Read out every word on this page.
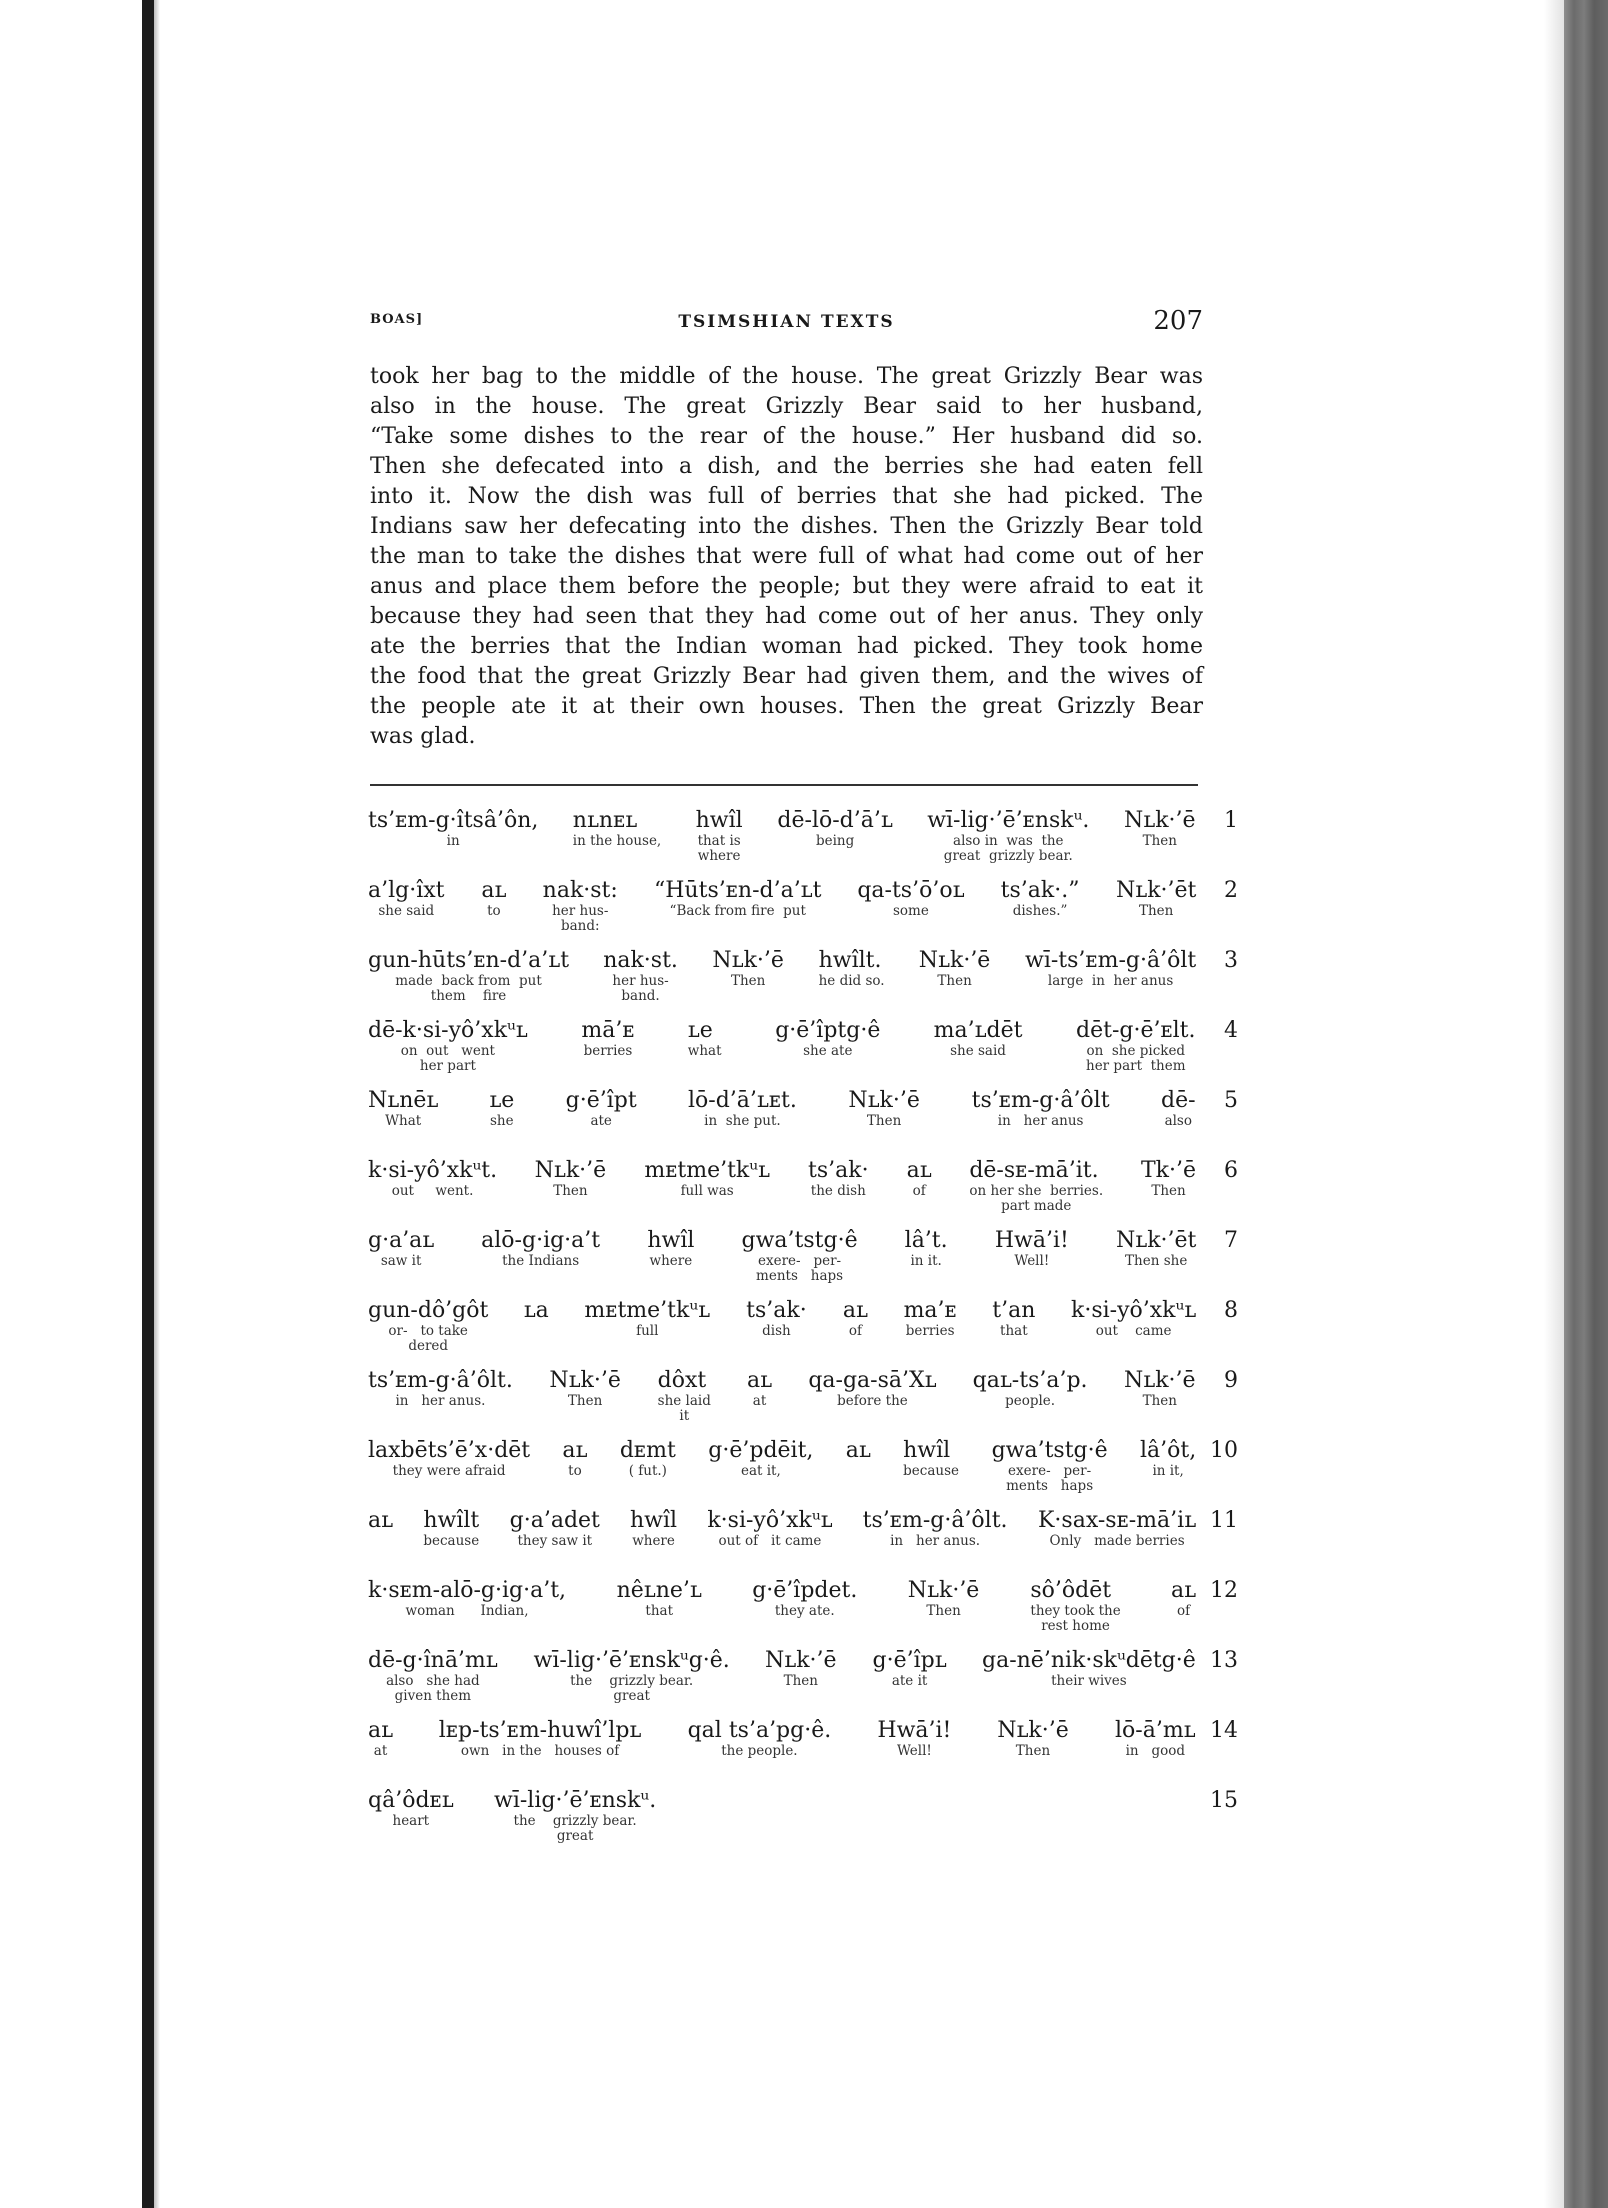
BOAS]	TSIMSHIAN TEXTS	207
took her bag to the middle of the house. The great Grizzly Bear was
also in the house. The great Grizzly Bear said to her husband,
“Take some dishes to the rear of the house.” Her husband did so.
Then she defecated into a dish, and the berries she had eaten fell
into it. Now the dish was full of berries that she had picked. The
Indians saw her defecating into the dishes. Then the Grizzly Bear told
the man to take the dishes that were full of what had come out of her
anus and place them before the people; but they were afraid to eat it
because they had seen that they had come out of her anus. They only
ate the berries that the Indian woman had picked. They took home
the food that the great Grizzly Bear had given them, and the wives of
the people ate it at their own houses. Then the great Grizzly Bear
was glad.
1
ts’ᴇm-g·îtsâ’ôn,
in
nʟnᴇʟ
in the house,
hwîl
that is
where
dē-lō-d’ā’ʟ
being
wī-lig·’ē’ᴇnskᵘ.
also in  was  the
great  grizzly bear.
Nʟk·’ē
Then
2
a’lg·îxt
she said
aʟ
to
nak·st:
her hus-
band:
“Hūts’ᴇn-d’a’ʟt
“Back from fire  put
qa-ts’ō’oʟ
some
ts’ak·.”
dishes.”
Nʟk·’ēt
Then
3
gun-hūts’ᴇn-d’a’ʟt
made  back from  put
them    fire
nak·st.
her hus-
band.
Nʟk·’ē
Then
hwîlt.
he did so.
Nʟk·’ē
Then
wī-ts’ᴇm-g·â’ôlt
large  in  her anus
4
dē-k·si-yô’xkᵘʟ
on  out   went
her part
mā’ᴇ
berries
ʟe
what
g·ē’îptg·ê
she ate
ma’ʟdēt
she said
dēt-g·ē’ᴇlt.
on  she picked
her part  them
5
Nʟnēʟ
What
ʟe
she
g·ē’îpt
ate
lō-d’ā’ʟᴇt.
in  she put.
Nʟk·’ē
Then
ts’ᴇm-g·â’ôlt
in   her anus
dē-
also
6
k·si-yô’xkᵘt.
out     went.
Nʟk·’ē
Then
mᴇtme’tkᵘʟ
full was
ts’ak·
the dish
aʟ
of
dē-sᴇ-mā’it.
on her she  berries.
part made
Tk·’ē
Then
7
g·a’aʟ
saw it
alō-g·ig·a’t
the Indians
hwîl
where
gwa’tstg·ê
exere-   per-
ments   haps
lâ’t.
in it.
Hwā’i!
Well!
Nʟk·’ēt
Then she
8
gun-dô’gôt
or-   to take
dered
ʟa mᴇtme’tkᵘʟ
full
ts’ak·
dish
aʟ
of
ma’ᴇ
berries
t’an
that
k·si-yô’xkᵘʟ
out    came
9
ts’ᴇm-g·â’ôlt.
in   her anus.
Nʟk·’ē
Then
dôxt
she laid
it
aʟ
at
qa-ga-sā’Xʟ
before the
qaʟ-ts’a’p.
people.
Nʟk·’ē
Then
10
laxbēts’ē’x·dēt
they were afraid
aʟ
to
dᴇmt
( fut.)
g·ē’pdēit,
eat it,
aʟ hwîl
because
gwa’tstg·ê
exere-   per-
ments   haps
lâ’ôt,
in it,
11
aʟ hwîlt
because
g·a’adet
they saw it
hwîl
where
k·si-yô’xkᵘʟ
out of   it came
ts’ᴇm-g·â’ôlt.
in   her anus.
K·sax-sᴇ-mā’iʟ
Only   made berries
12
k·sᴇm-alō-g·ig·a’t,
woman      Indian,
nêʟne’ʟ
that
g·ē’îpdet.
they ate.
Nʟk·’ē
Then
sô’ôdēt
they took the
rest home
aʟ
of
13
dē-g·înā’mʟ
also   she had
given them
wī-lig·’ē’ᴇnskᵘg·ê.
the    grizzly bear.
great
Nʟk·’ē
Then
g·ē’îpʟ
ate it
ga-nē’nik·skᵘdētg·ê
their wives
14
aʟ
at
lᴇp-ts’ᴇm-huwî’lpʟ
own   in the   houses of
qal ts’a’pg·ê.
the people.
Hwā’i!
Well!
Nʟk·’ē
Then
lō-ā’mʟ
in   good
15
qâ’ôdᴇʟ
heart
wī-lig·’ē’ᴇnskᵘ.
the    grizzly bear.
great
